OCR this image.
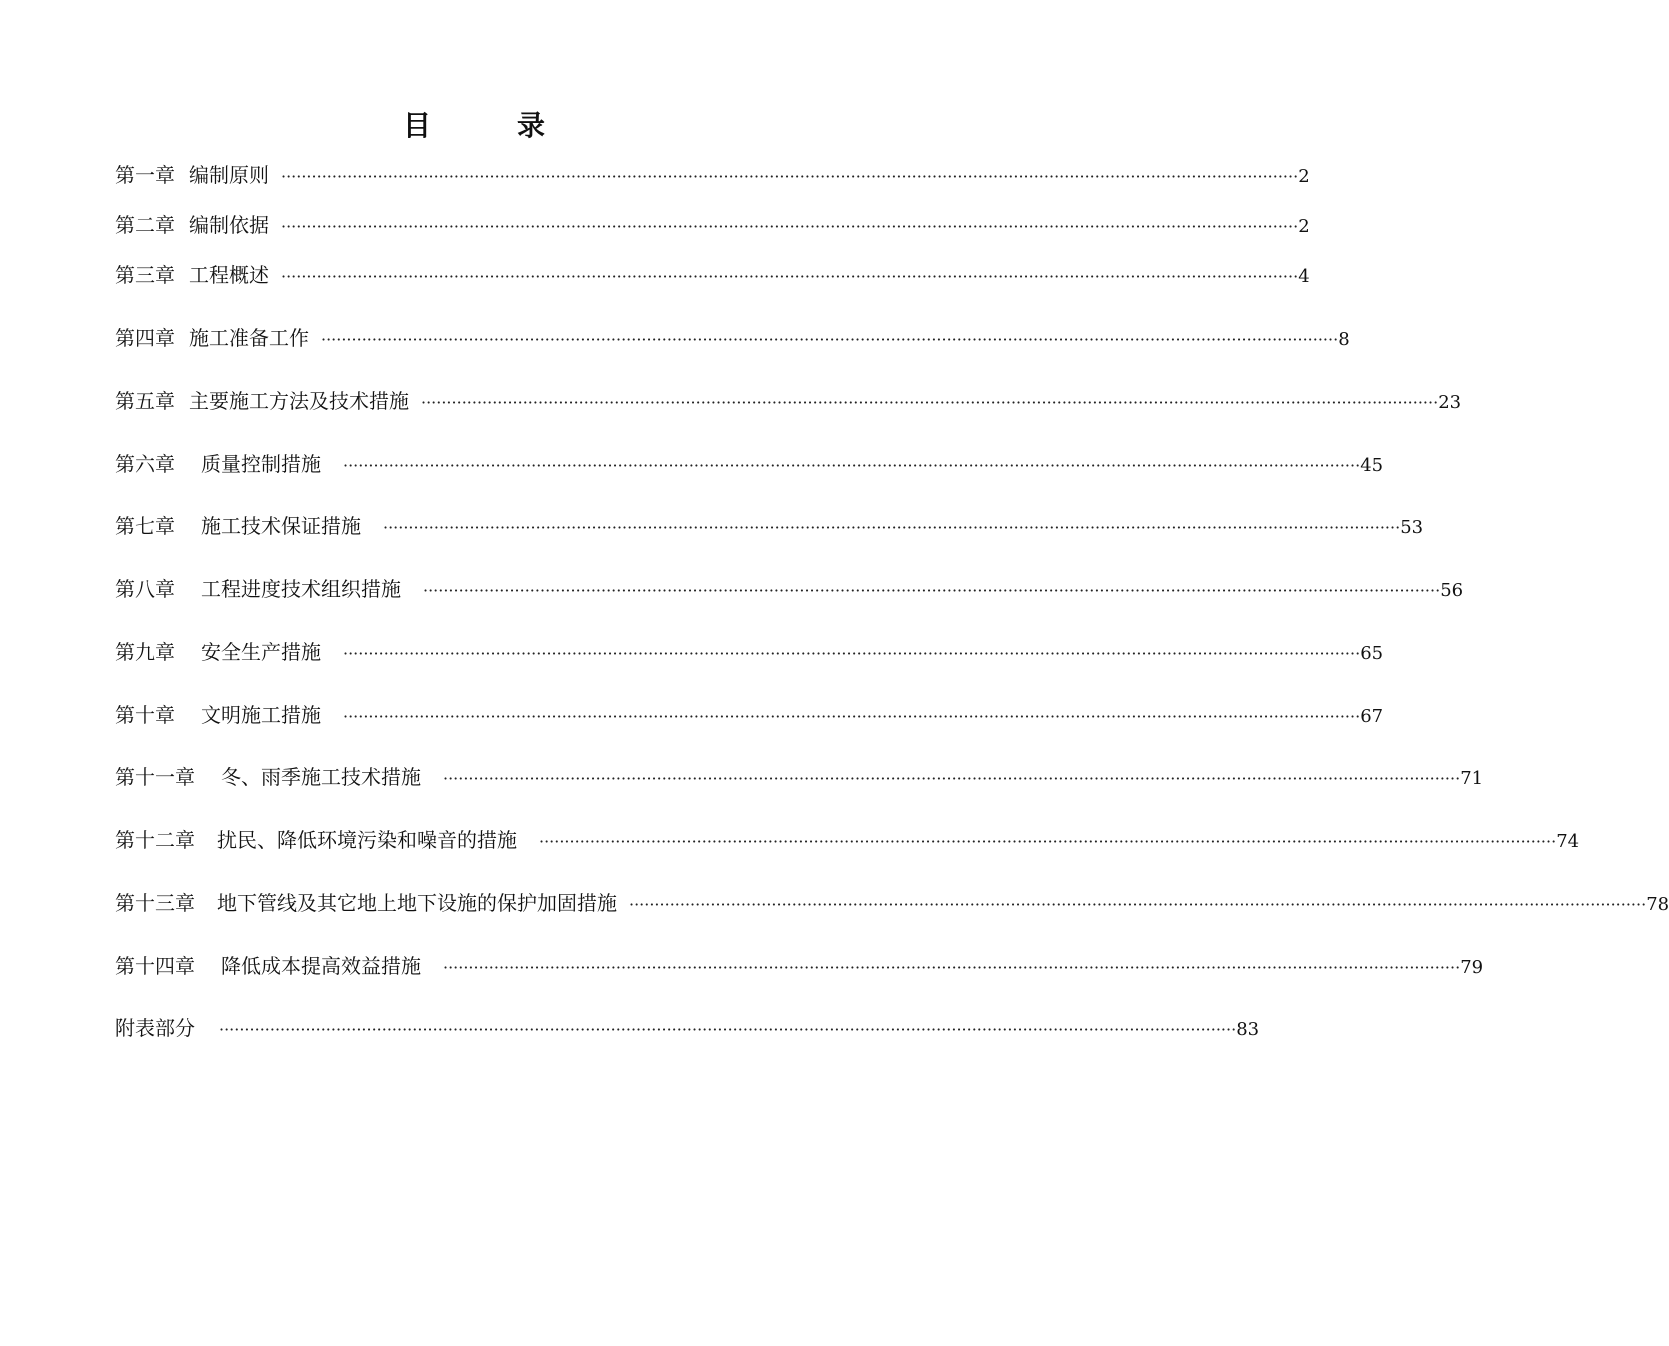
目	录
第一章 编制原则 ········································································································································································································ 2
第二章 编制依据 ········································································································································································································ 2
第三章 工程概述 ········································································································································································································ 4
第四章 施工准备工作 ········································································································································································································ 8
第五章 主要施工方法及技术措施 ········································································································································································································ 23
第六章 质量控制措施 ········································································································································································································ 45
第七章 施工技术保证措施 ········································································································································································································ 53
第八章 工程进度技术组织措施 ········································································································································································································ 56
第九章 安全生产措施 ········································································································································································································ 65
第十章 文明施工措施 ········································································································································································································ 67
第十一章 冬、雨季施工技术措施 ········································································································································································································ 71
第十二章 扰民、降低环境污染和噪音的措施 ········································································································································································································ 74
第十三章 地下管线及其它地上地下设施的保护加固措施 ········································································································································································································ 78
第十四章 降低成本提高效益措施 ········································································································································································································ 79
附表部分 ········································································································································································································ 83
